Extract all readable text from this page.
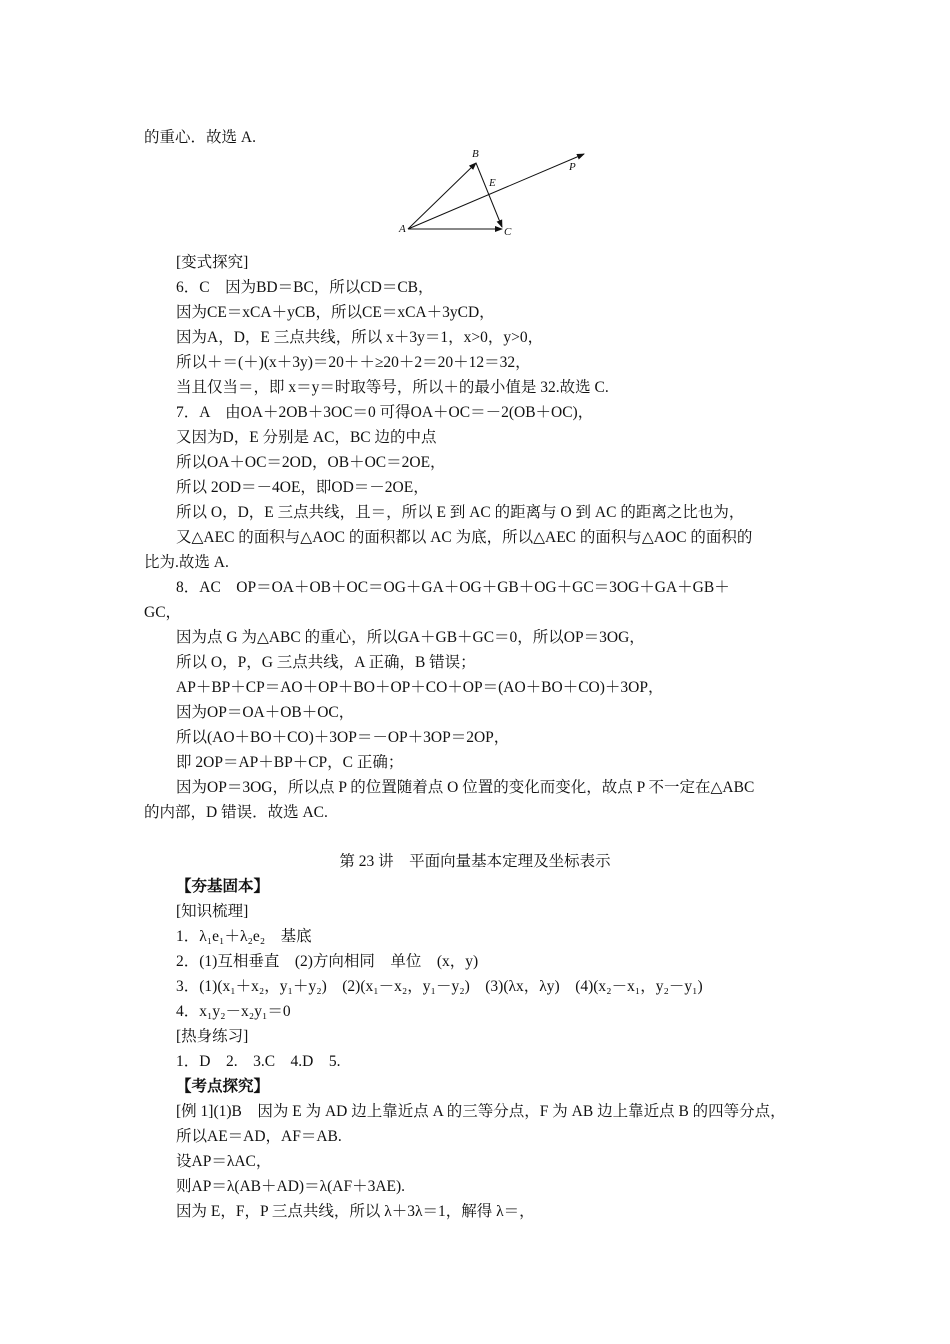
的重心．故选 A.
B
A	C
E
P
[变式探究]
6．C　因为BD＝BC，所以CD＝CB，
因为CE＝xCA＋yCB，所以CE＝xCA＋3yCD，
因为A，D，E 三点共线，所以 x＋3y＝1，x>0，y>0，
所以＋＝(＋)(x＋3y)＝20＋＋≥20＋2＝20＋12＝32，
当且仅当＝，即 x＝y＝时取等号，所以＋的最小值是 32.故选 C.
7．A　由OA＋2OB＋3OC＝0 可得OA＋OC＝－2(OB＋OC)，
又因为D，E 分别是 AC，BC 边的中点
所以OA＋OC＝2OD，OB＋OC＝2OE，
所以 2OD＝－4OE，即OD＝－2OE，
所以 O，D，E 三点共线，且＝，所以 E 到 AC 的距离与 O 到 AC 的距离之比也为，
又△AEC 的面积与△AOC 的面积都以 AC 为底，所以△AEC 的面积与△AOC 的面积的
比为.故选 A.
8．AC　OP＝OA＋OB＋OC＝OG＋GA＋OG＋GB＋OG＋GC＝3OG＋GA＋GB＋
GC，
因为点 G 为△ABC 的重心，所以GA＋GB＋GC＝0，所以OP＝3OG，
所以 O，P，G 三点共线，A 正确，B 错误；
AP＋BP＋CP＝AO＋OP＋BO＋OP＋CO＋OP＝(AO＋BO＋CO)＋3OP，
因为OP＝OA＋OB＋OC，
所以(AO＋BO＋CO)＋3OP＝－OP＋3OP＝2OP，
即 2OP＝AP＋BP＋CP，C 正确；
因为OP＝3OG，所以点 P 的位置随着点 O 位置的变化而变化，故点 P 不一定在△ABC
的内部，D 错误．故选 AC.
第 23 讲　平面向量基本定理及坐标表示
【夯基固本】
[知识梳理]
1．λ₁e₁＋λ₂e₂　基底
2．(1)互相垂直　(2)方向相同　单位　(x，y)
3．(1)(x₁＋x₂，y₁＋y₂)　(2)(x₁－x₂，y₁－y₂)　(3)(λx，λy)　(4)(x₂－x₁，y₂－y₁)
4．x₁y₂－x₂y₁＝0
[热身练习]
1．D　2.　3.C　4.D　5.
【考点探究】
[例 1](1)B　因为 E 为 AD 边上靠近点 A 的三等分点，F 为 AB 边上靠近点 B 的四等分点，
所以AE＝AD，AF＝AB.
设AP＝λAC，
则AP＝λ(AB＋AD)＝λ(AF＋3AE).
因为 E，F，P 三点共线，所以 λ＋3λ＝1，解得 λ＝，
